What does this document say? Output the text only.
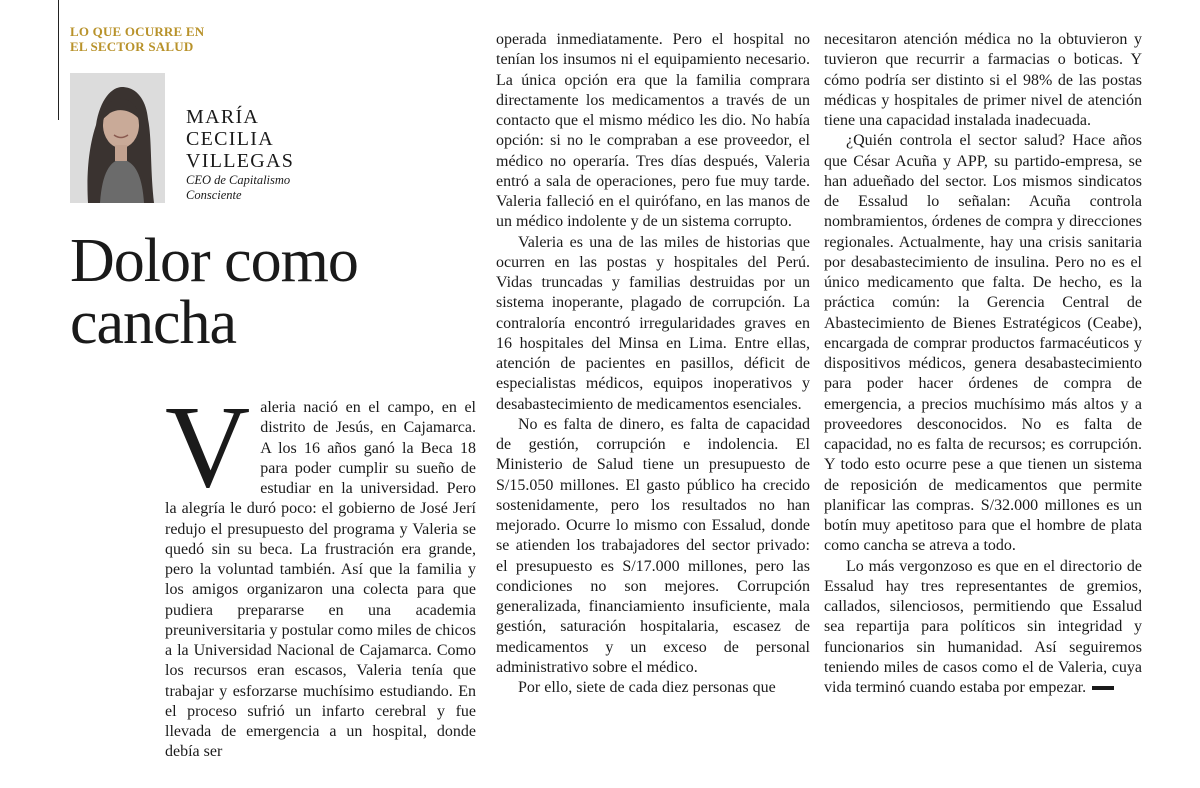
LO QUE OCURRE EN
EL SECTOR SALUD
MARÍA
CECILIA
VILLEGAS
CEO de Capitalismo
Consciente
Dolor como
cancha

Valeria nació en el campo, en el distrito de Jesús, en Cajamarca. A los 16 años ganó la Beca 18 para poder cumplir su sueño de estudiar en la universidad. Pero la alegría le duró poco: el gobierno de José Jerí redujo el presupuesto del programa y Valeria se quedó sin su beca. La frustración era grande, pero la voluntad también. Así que la familia y los amigos organizaron una colecta para que pudiera prepararse en una academia preuniversitaria y postular como miles de chicos a la Universidad Nacional de Cajamarca. Como los recursos eran escasos, Valeria tenía que trabajar y esforzarse muchísimo estudiando. En el proceso sufrió un infarto cerebral y fue llevada de emergencia a un hospital, donde debía ser

operada inmediatamente. Pero el hospital no tenían los insumos ni el equipamiento necesario. La única opción era que la familia comprara directamente los medicamentos a través de un contacto que el mismo médico les dio. No había opción: si no le compraban a ese proveedor, el médico no operaría. Tres días después, Valeria entró a sala de operaciones, pero fue muy tarde. Valeria falleció en el quirófano, en las manos de un médico indolente y de un sistema corrupto.

Valeria es una de las miles de historias que ocurren en las postas y hospitales del Perú. Vidas truncadas y familias destruidas por un sistema inoperante, plagado de corrupción. La contraloría encontró irregularidades graves en 16 hospitales del Minsa en Lima. Entre ellas, atención de pacientes en pasillos, déficit de especialistas médicos, equipos inoperativos y desabastecimiento de medicamentos esenciales.

No es falta de dinero, es falta de capacidad de gestión, corrupción e indolencia. El Ministerio de Salud tiene un presupuesto de S/15.050 millones. El gasto público ha crecido sostenidamente, pero los resultados no han mejorado. Ocurre lo mismo con Essalud, donde se atienden los trabajadores del sector privado: el presupuesto es S/17.000 millones, pero las condiciones no son mejores. Corrupción generalizada, financiamiento insuficiente, mala gestión, saturación hospitalaria, escasez de medicamentos y un exceso de personal administrativo sobre el médico.

Por ello, siete de cada diez personas que

necesitaron atención médica no la obtuvieron y tuvieron que recurrir a farmacias o boticas. Y cómo podría ser distinto si el 98% de las postas médicas y hospitales de primer nivel de atención tiene una capacidad instalada inadecuada.

¿Quién controla el sector salud? Hace años que César Acuña y APP, su partido-empresa, se han adueñado del sector. Los mismos sindicatos de Essalud lo señalan: Acuña controla nombramientos, órdenes de compra y direcciones regionales. Actualmente, hay una crisis sanitaria por desabastecimiento de insulina. Pero no es el único medicamento que falta. De hecho, es la práctica común: la Gerencia Central de Abastecimiento de Bienes Estratégicos (Ceabe), encargada de comprar productos farmacéuticos y dispositivos médicos, genera desabastecimiento para poder hacer órdenes de compra de emergencia, a precios muchísimo más altos y a proveedores desconocidos. No es falta de capacidad, no es falta de recursos; es corrupción. Y todo esto ocurre pese a que tienen un sistema de reposición de medicamentos que permite planificar las compras. S/32.000 millones es un botín muy apetitoso para que el hombre de plata como cancha se atreva a todo.

Lo más vergonzoso es que en el directorio de Essalud hay tres representantes de gremios, callados, silenciosos, permitiendo que Essalud sea repartija para políticos sin integridad y funcionarios sin humanidad. Así seguiremos teniendo miles de casos como el de Valeria, cuya vida terminó cuando estaba por empezar.
